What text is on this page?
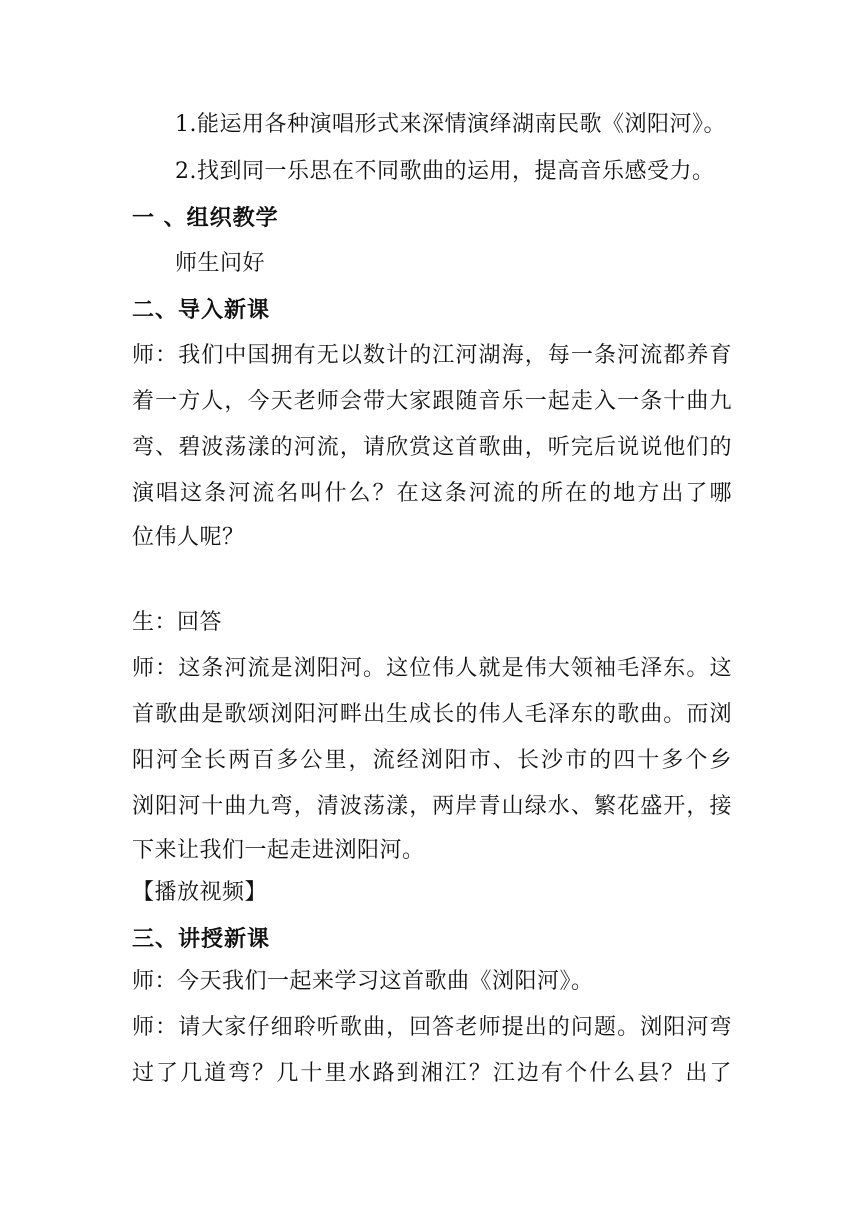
1.能运用各种演唱形式来深情演绎湖南民歌《浏阳河》。
2.找到同一乐思在不同歌曲的运用，提高音乐感受力。
一 、组织教学
师生问好
二、导入新课
师：我们中国拥有无以数计的江河湖海，每一条河流都养育
着一方人，今天老师会带大家跟随音乐一起走入一条十曲九
弯、碧波荡漾的河流，请欣赏这首歌曲，听完后说说他们的
演唱这条河流名叫什么？在这条河流的所在的地方出了哪
位伟人呢？
生：回答
师：这条河流是浏阳河。这位伟人就是伟大领袖毛泽东。这
首歌曲是歌颂浏阳河畔出生成长的伟人毛泽东的歌曲。而浏
阳河全长两百多公里，流经浏阳市、长沙市的四十多个乡
浏阳河十曲九弯，清波荡漾，两岸青山绿水、繁花盛开，接
下来让我们一起走进浏阳河。
【播放视频】
三、讲授新课
师：今天我们一起来学习这首歌曲《浏阳河》。
师：请大家仔细聆听歌曲，回答老师提出的问题。浏阳河弯
过了几道弯？几十里水路到湘江？江边有个什么县？出了
